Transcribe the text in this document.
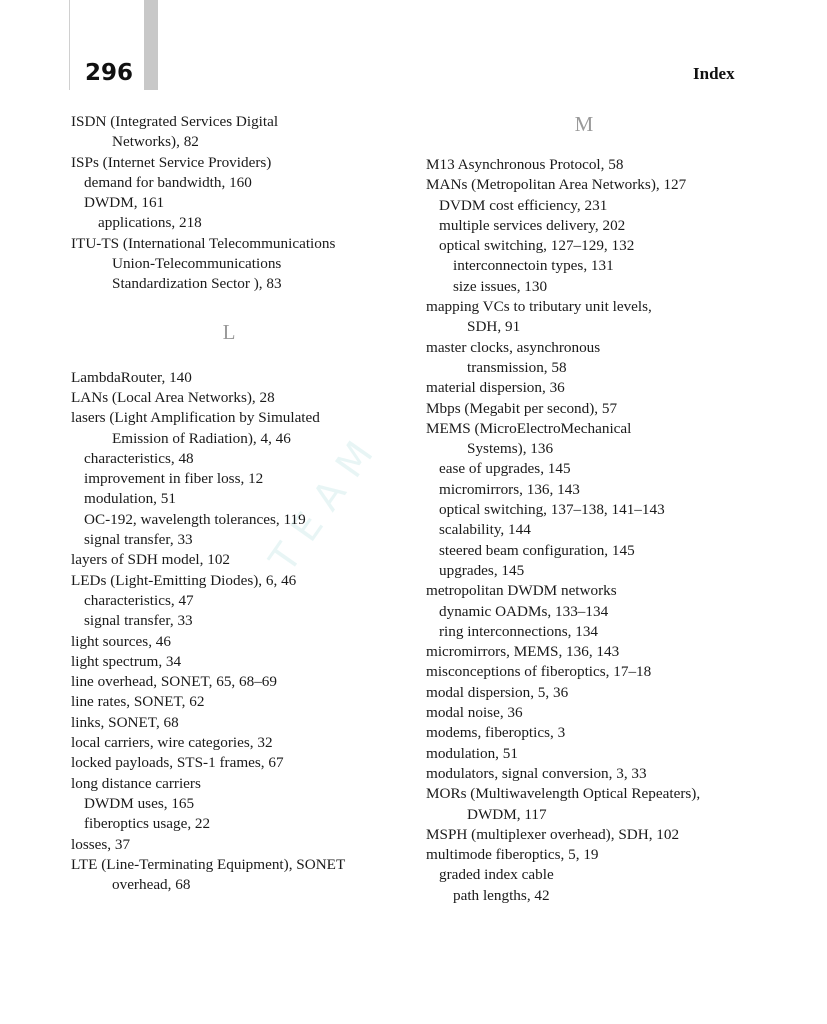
296	Index
TEAM

ISDN (Integrated Services Digital

Networks), 82

ISPs (Internet Service Providers)

demand for bandwidth, 160

DWDM, 161

applications, 218

ITU-TS (International Telecommunications

Union-Telecommunications

Standardization Sector ), 83

L

LambdaRouter, 140

LANs (Local Area Networks), 28

lasers (Light Amplification by Simulated

Emission of Radiation), 4, 46

characteristics, 48

improvement in fiber loss, 12

modulation, 51

OC-192, wavelength tolerances, 119

signal transfer, 33

layers of SDH model, 102

LEDs (Light-Emitting Diodes), 6, 46

characteristics, 47

signal transfer, 33

light sources, 46

light spectrum, 34

line overhead, SONET, 65, 68–69

line rates, SONET, 62

links, SONET, 68

local carriers, wire categories, 32

locked payloads, STS-1 frames, 67

long distance carriers

DWDM uses, 165

fiberoptics usage, 22

losses, 37

LTE (Line-Terminating Equipment), SONET

overhead, 68

M

M13 Asynchronous Protocol, 58

MANs (Metropolitan Area Networks), 127

DVDM cost efficiency, 231

multiple services delivery, 202

optical switching, 127–129, 132

interconnectoin types, 131

size issues, 130

mapping VCs to tributary unit levels,

SDH, 91

master clocks, asynchronous

transmission, 58

material dispersion, 36

Mbps (Megabit per second), 57

MEMS (MicroElectroMechanical

Systems), 136

ease of upgrades, 145

micromirrors, 136, 143

optical switching, 137–138, 141–143

scalability, 144

steered beam configuration, 145

upgrades, 145

metropolitan DWDM networks

dynamic OADMs, 133–134

ring interconnections, 134

micromirrors, MEMS, 136, 143

misconceptions of fiberoptics, 17–18

modal dispersion, 5, 36

modal noise, 36

modems, fiberoptics, 3

modulation, 51

modulators, signal conversion, 3, 33

MORs (Multiwavelength Optical Repeaters),

DWDM, 117

MSPH (multiplexer overhead), SDH, 102

multimode fiberoptics, 5, 19

graded index cable

path lengths, 42
